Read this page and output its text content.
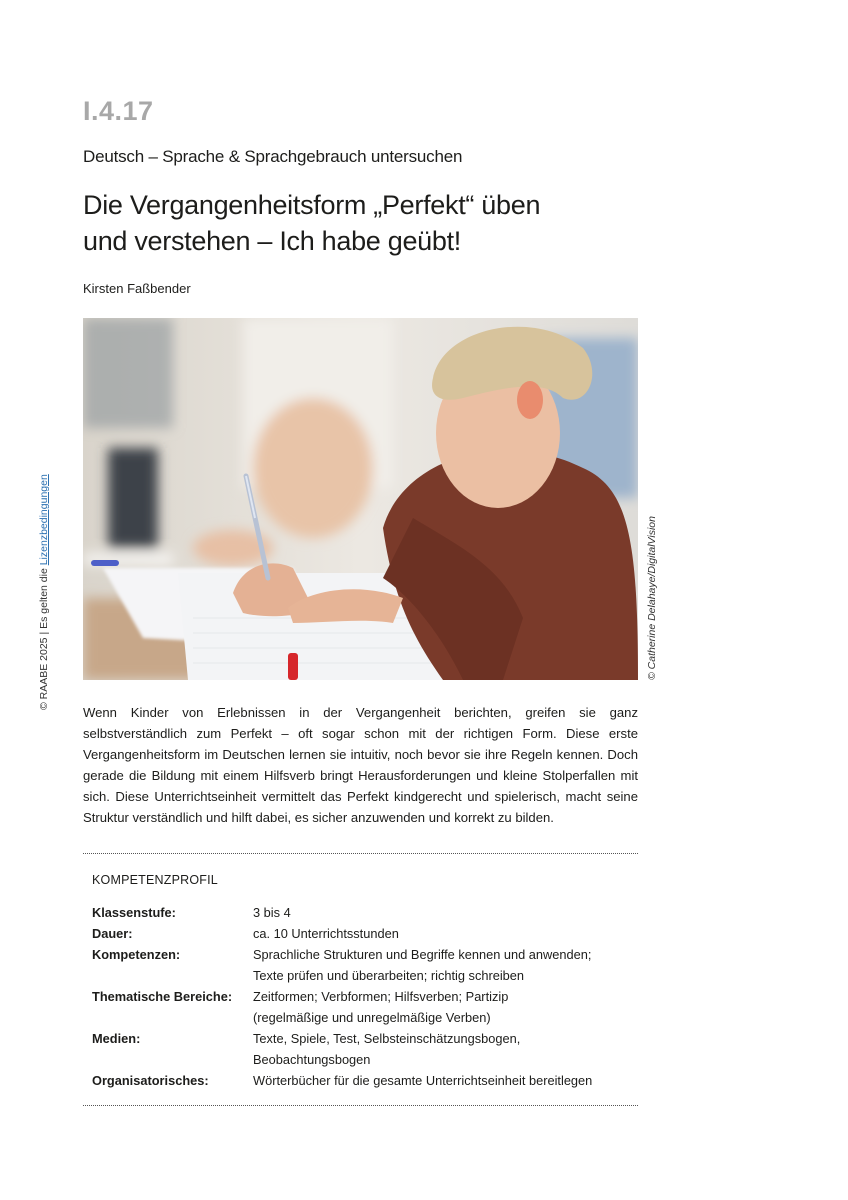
I.4.17
Deutsch – Sprache & Sprachgebrauch untersuchen
Die Vergangenheitsform „Perfekt“ üben
und verstehen – Ich habe geübt!
Kirsten Faßbender
© Catherine Delahaye/DigitalVision
© RAABE 2025 | Es gelten die Lizenzbedingungen

Wenn Kinder von Erlebnissen in der Vergangenheit berichten, greifen sie ganz selbstverständlich zum Perfekt – oft sogar schon mit der richtigen Form. Diese erste Vergangenheitsform im Deutschen lernen sie intuitiv, noch bevor sie ihre Regeln kennen. Doch gerade die Bildung mit einem Hilfsverb bringt Herausforderungen und kleine Stolperfallen mit sich. Diese Unterrichtseinheit vermittelt das Perfekt kindgerecht und spielerisch, macht seine Struktur verständlich und hilft dabei, es sicher anzuwenden und korrekt zu bilden.

KOMPETENZPROFIL
Klassenstufe:	3 bis 4
Dauer:	ca. 10 Unterrichtsstunden
Kompetenzen:	Sprachliche Strukturen und Begriffe kennen und anwenden;
Texte prüfen und überarbeiten; richtig schreiben
Thematische Bereiche:	Zeitformen; Verbformen; Hilfsverben; Partizip
(regelmäßige und unregelmäßige Verben)
Medien:	Texte, Spiele, Test, Selbsteinschätzungsbogen,
Beobachtungsbogen
Organisatorisches:	Wörterbücher für die gesamte Unterrichtseinheit bereitlegen
